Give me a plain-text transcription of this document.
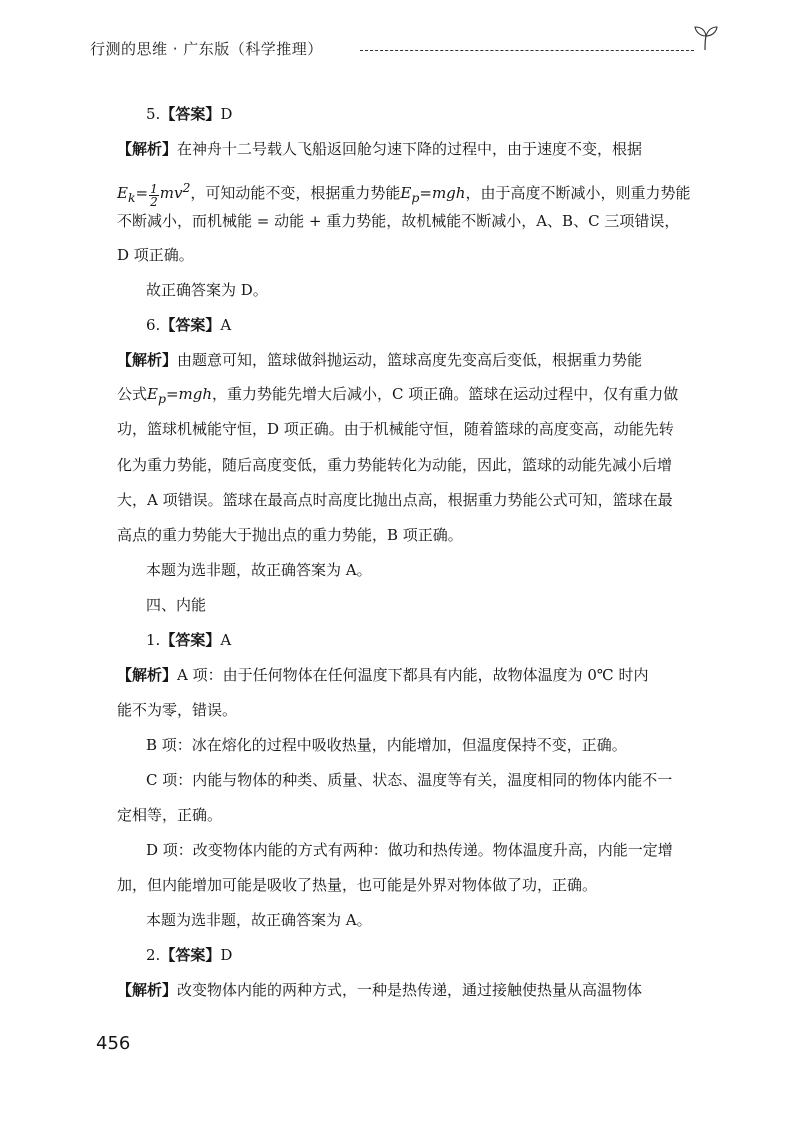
行测的思维 · 广东版（科学推理）
5.【答案】D
【解析】在神舟十二号载人飞船返回舱匀速下降的过程中，由于速度不变，根据
$E_k= \frac{1}{2} mv^2$，可知动能不变，根据重力势能$E_p=mgh$，由于高度不断减小，则重力势能
不断减小，而机械能 = 动能 + 重力势能，故机械能不断减小，A、B、C 三项错误，
D 项正确。
故正确答案为 D。
6.【答案】A
【解析】由题意可知，篮球做斜抛运动，篮球高度先变高后变低，根据重力势能
公式$E_p=mgh$，重力势能先增大后减小，C 项正确。篮球在运动过程中，仅有重力做
功，篮球机械能守恒，D 项正确。由于机械能守恒，随着篮球的高度变高，动能先转
化为重力势能，随后高度变低，重力势能转化为动能，因此，篮球的动能先减小后增
大，A 项错误。篮球在最高点时高度比抛出点高，根据重力势能公式可知，篮球在最
高点的重力势能大于抛出点的重力势能，B 项正确。
本题为选非题，故正确答案为 A。
四、内能
1.【答案】A
【解析】A 项：由于任何物体在任何温度下都具有内能，故物体温度为 0℃ 时内
能不为零，错误。
B 项：冰在熔化的过程中吸收热量，内能增加，但温度保持不变，正确。
C 项：内能与物体的种类、质量、状态、温度等有关，温度相同的物体内能不一
定相等，正确。
D 项：改变物体内能的方式有两种：做功和热传递。物体温度升高，内能一定增
加，但内能增加可能是吸收了热量，也可能是外界对物体做了功，正确。
本题为选非题，故正确答案为 A。
2.【答案】D
【解析】改变物体内能的两种方式，一种是热传递，通过接触使热量从高温物体
456
